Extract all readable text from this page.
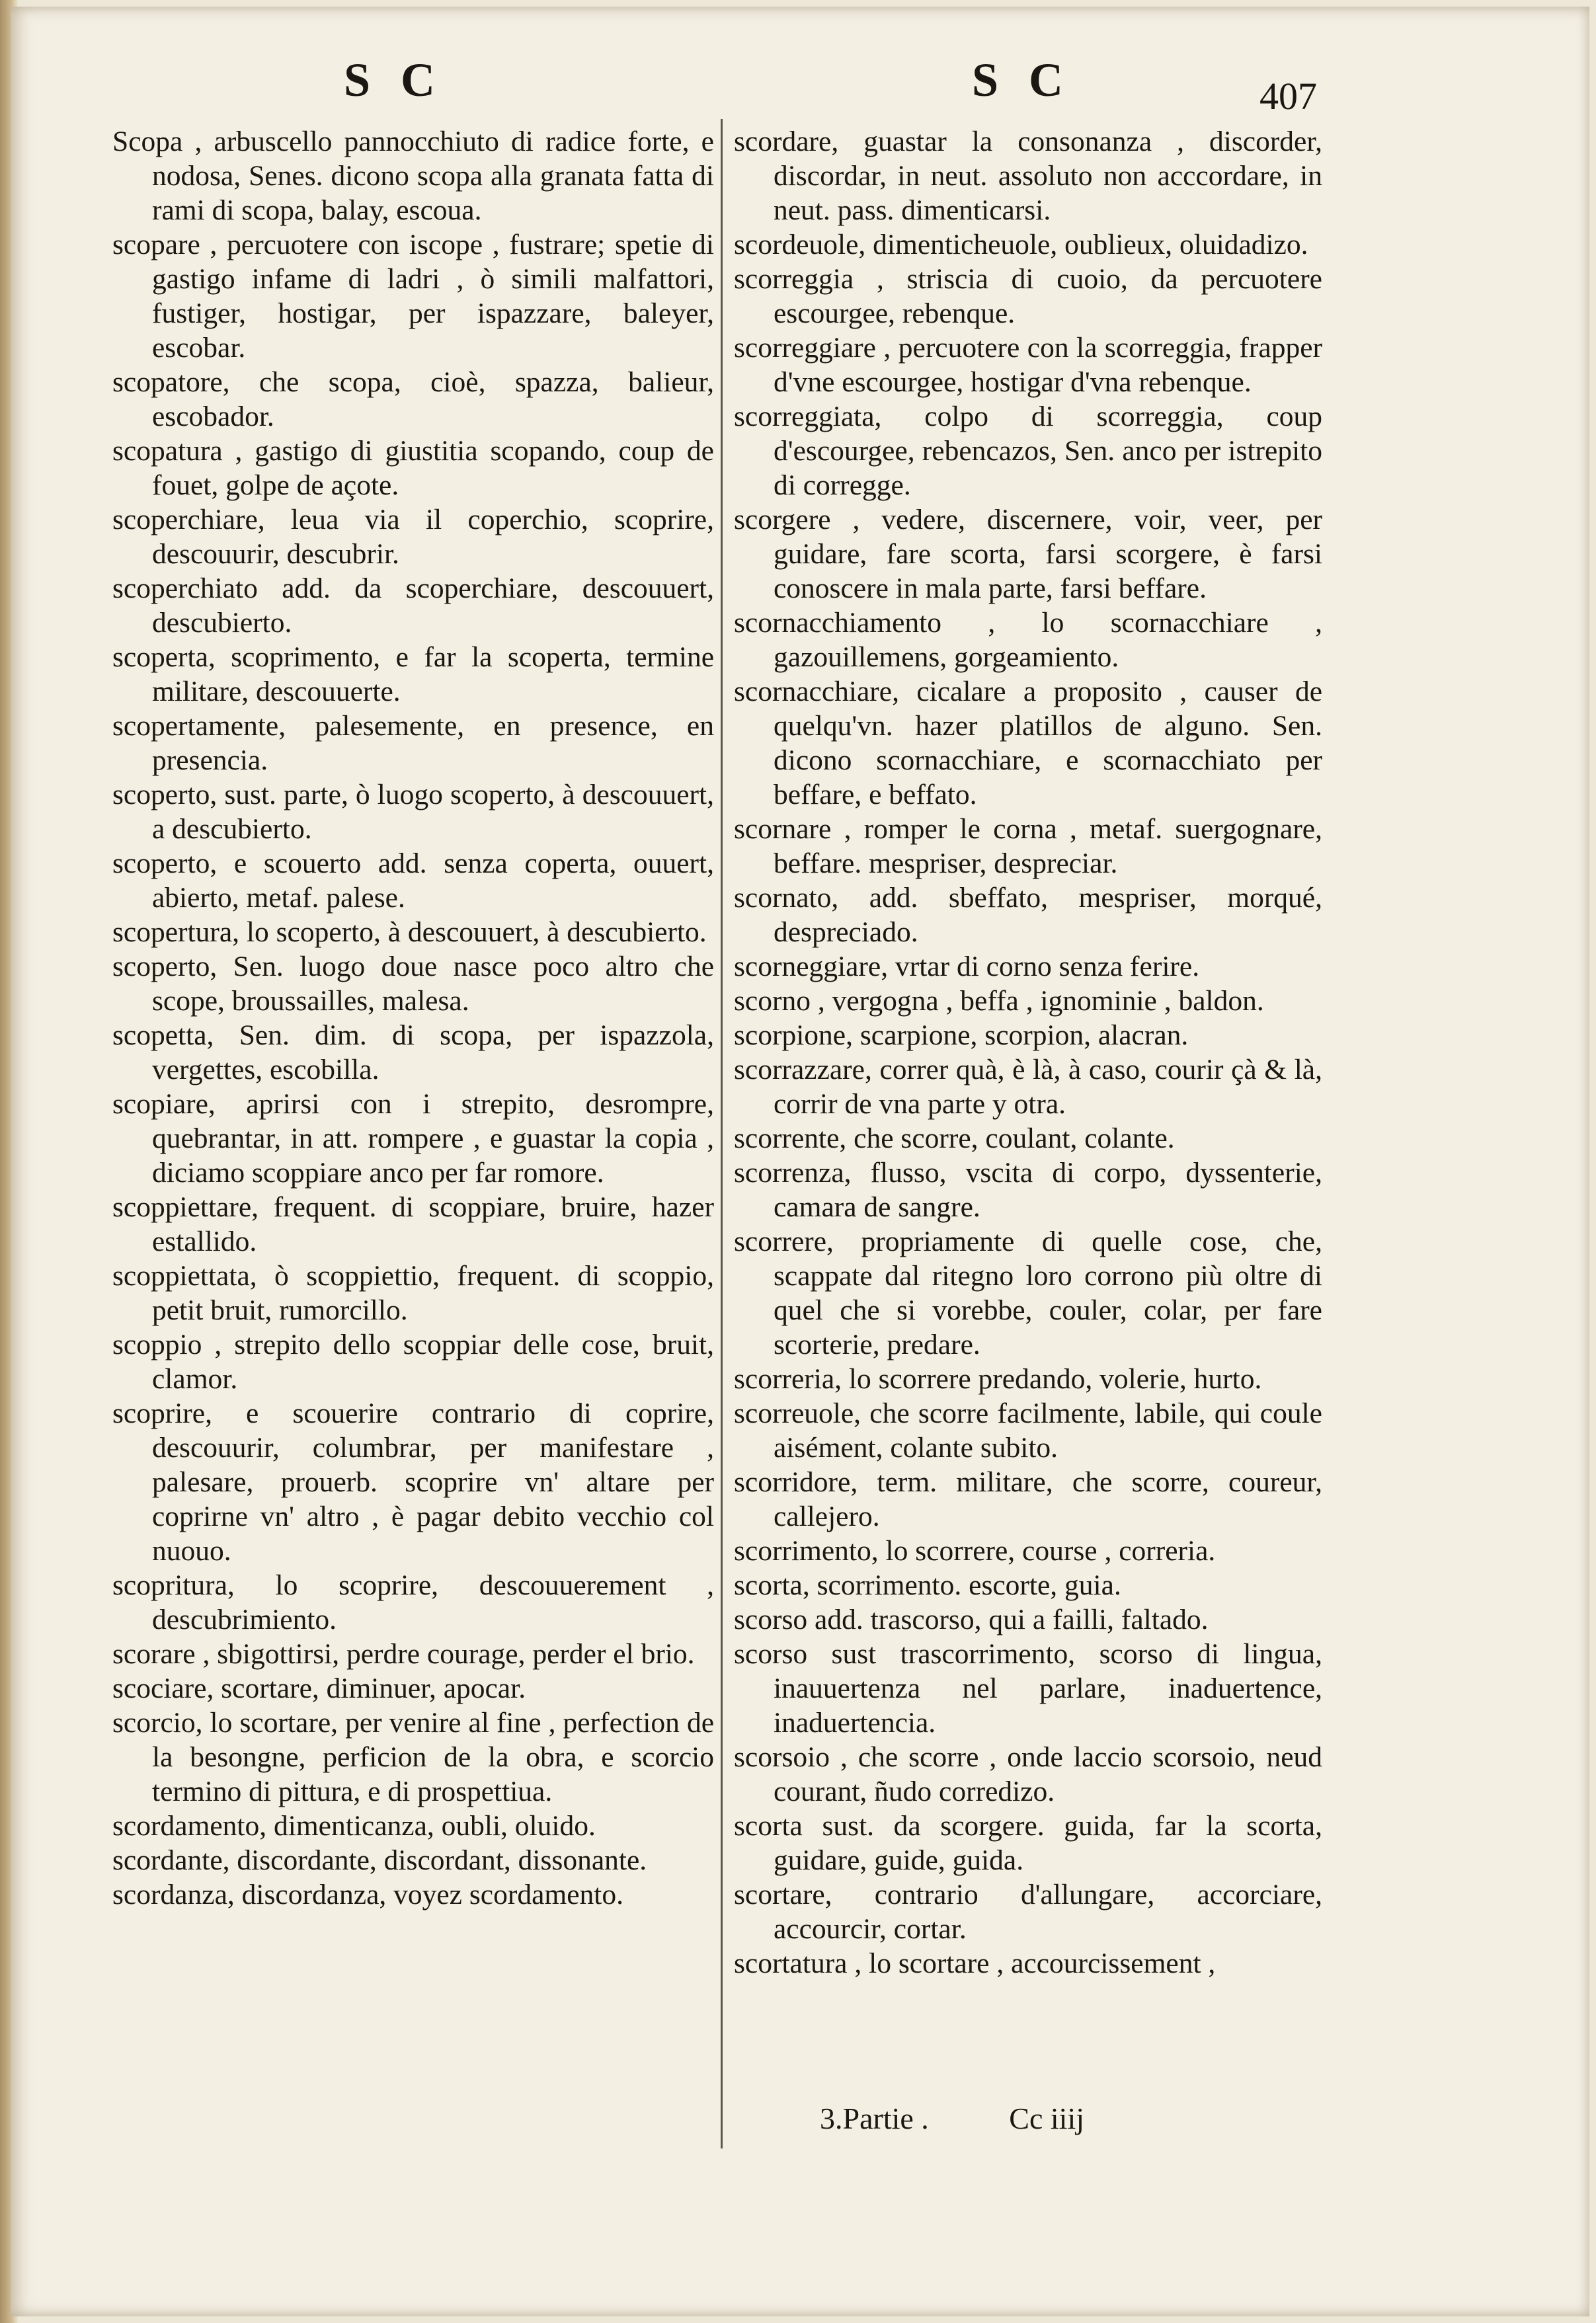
S C	S C	407

Scopa , arbuscello pannocchiuto di radice forte, e nodosa, Senes. dicono scopa alla granata fatta di rami di scopa, balay, escoua.

scopare , percuotere con iscope , fustrare; spetie di gastigo infame di ladri , ò simili malfattori, fustiger, hostigar, per ispazzare, baleyer, escobar.

scopatore, che scopa, cioè, spazza, balieur, escobador.

scopatura , gastigo di giustitia scopando, coup de fouet, golpe de açote.

scoperchiare, leua via il coperchio, scoprire, descouurir, descubrir.

scoperchiato add. da scoperchiare, descouuert, descubierto.

scoperta, scoprimento, e far la scoperta, termine militare, descouuerte.

scopertamente, palesemente, en presence, en presencia.

scoperto, sust. parte, ò luogo scoperto, à descouuert, a descubierto.

scoperto, e scouerto add. senza coperta, ouuert, abierto, metaf. palese.

scopertura, lo scoperto, à descouuert, à descubierto.

scoperto, Sen. luogo doue nasce poco altro che scope, broussailles, malesa.

scopetta, Sen. dim. di scopa, per ispazzola, vergettes, escobilla.

scopiare, aprirsi con i strepito, desrompre, quebrantar, in att. rompere , e guastar la copia , diciamo scoppiare anco per far romore.

scoppiettare, frequent. di scoppiare, bruire, hazer estallido.

scoppiettata, ò scoppiettio, frequent. di scoppio, petit bruit, rumorcillo.

scoppio , strepito dello scoppiar delle cose, bruit, clamor.

scoprire, e scouerire contrario di coprire, descouurir, columbrar, per manifestare , palesare, prouerb. scoprire vn' altare per coprirne vn' altro , è pagar debito vecchio col nuouo.

scopritura, lo scoprire, descouuerement , descubrimiento.

scorare , sbigottirsi, perdre courage, perder el brio.

scociare, scortare, diminuer, apocar.

scorcio, lo scortare, per venire al fine , perfection de la besongne, perficion de la obra, e scorcio termino di pittura, e di prospettiua.

scordamento, dimenticanza, oubli, oluido.

scordante, discordante, discordant, dissonante.

scordanza, discordanza, voyez scordamento.

scordare, guastar la consonanza , discorder, discordar, in neut. assoluto non acccordare, in neut. pass. dimenticarsi.

scordeuole, dimenticheuole, oublieux, oluidadizo.

scorreggia , striscia di cuoio, da percuotere escourgee, rebenque.

scorreggiare , percuotere con la scorreggia, frapper d'vne escourgee, hostigar d'vna rebenque.

scorreggiata, colpo di scorreggia, coup d'escourgee, rebencazos, Sen. anco per istrepito di corregge.

scorgere , vedere, discernere, voir, veer, per guidare, fare scorta, farsi scorgere, è farsi conoscere in mala parte, farsi beffare.

scornacchiamento , lo scornacchiare , gazouillemens, gorgeamiento.

scornacchiare, cicalare a proposito , causer de quelqu'vn. hazer platillos de alguno. Sen. dicono scornacchiare, e scornacchiato per beffare, e beffato.

scornare , romper le corna , metaf. suergognare, beffare. mespriser, despreciar.

scornato, add. sbeffato, mespriser, morqué, despreciado.

scorneggiare, vrtar di corno senza ferire.

scorno , vergogna , beffa , ignominie , baldon.

scorpione, scarpione, scorpion, alacran.

scorrazzare, correr quà, è là, à caso, courir çà & là, corrir de vna parte y otra.

scorrente, che scorre, coulant, colante.

scorrenza, flusso, vscita di corpo, dyssenterie, camara de sangre.

scorrere, propriamente di quelle cose, che, scappate dal ritegno loro corrono più oltre di quel che si vorebbe, couler, colar, per fare scorterie, predare.

scorreria, lo scorrere predando, volerie, hurto.

scorreuole, che scorre facilmente, labile, qui coule aisément, colante subito.

scorridore, term. militare, che scorre, coureur, callejero.

scorrimento, lo scorrere, course , correria.

scorta, scorrimento. escorte, guia.

scorso add. trascorso, qui a failli, faltado.

scorso sust trascorrimento, scorso di lingua, inauuertenza nel parlare, inaduertence, inaduertencia.

scorsoio , che scorre , onde laccio scorsoio, neud courant, ñudo corredizo.

scorta sust. da scorgere. guida, far la scorta, guidare, guide, guida.

scortare, contrario d'allungare, accorciare, accourcir, cortar.

scortatura , lo scortare , accourcissement ,

3.Partie .	Cc iiij
